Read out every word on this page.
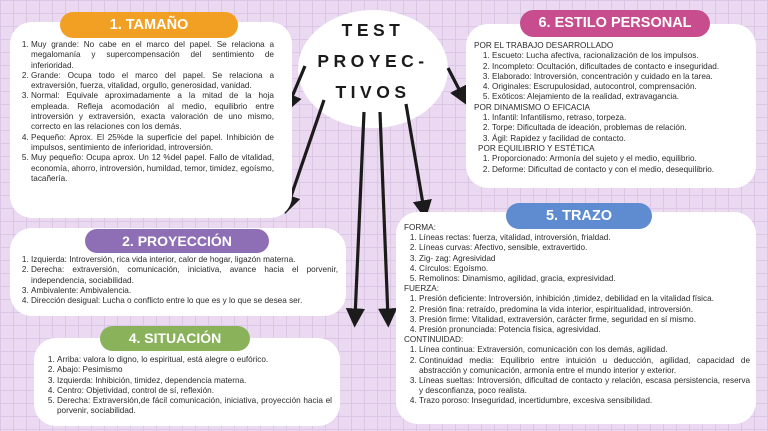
TEST
PROYEC-
TIVOS
1. TAMAÑO
1. Muy grande: No cabe en el marco del papel. Se relaciona a megalomanía y supercompensación del sentimiento de inferioridad.
2. Grande: Ocupa todo el marco del papel. Se relaciona a extraversión, fuerza, vitalidad, orgullo, generosidad, vanidad.
3. Normal: Equivale aproximadamente a la mitad de la hoja empleada. Refleja acomodación al medio, equilibrio entre introversión y extraversión, exacta valoración de uno mismo, correcto en las relaciones con los demás.
4. Pequeño: Aprox. El 25%de la superficie del papel. Inhibición de impulsos, sentimiento de inferioridad, introversión.
5. Muy pequeño: Ocupa aprox. Un 12 %del papel. Fallo de vitalidad, economía, ahorro, introversión, humildad, temor, timidez, egoísmo, tacañería.
2. PROYECCIÓN
1. Izquierda: Introversión, rica vida interior, calor de hogar, ligazón materna.
2. Derecha: extraversión, comunicación, iniciativa, avance hacia el porvenir, independencia, sociabilidad.
3. Ambivalente: Ambivalencia.
4. Dirección desigual: Lucha o conflicto entre lo que es y lo que se desea ser.
4. SITUACIÓN
1. Arriba: valora lo digno, lo espiritual, está alegre o eufórico.
2. Abajo: Pesimismo
3. Izquierda: Inhibición, timidez, dependencia materna.
4. Centro: Objetividad, control de sí, reflexión.
5. Derecha: Extraversión,de fácil comunicación, iniciativa, proyección hacia el porvenir, sociabilidad.
6. ESTILO PERSONAL
POR EL TRABAJO DESARROLLADO
1. Escueto: Lucha afectiva, racionalización de los impulsos.
2. Incompleto: Ocultación, dificultades de contacto e inseguridad.
3. Elaborado: Introversión, concentración y cuidado en la tarea.
4. Originales: Escrupulosidad, autocontrol, comprensación.
5. Exóticos: Alejamiento de la realidad, extravagancia.
POR DINAMISMO O EFICACIA
1. Infantil: Infantilismo, retraso, torpeza.
2. Torpe: Dificultada de ideación, problemas de relación.
3. Ágil: Rapidez y facilidad de contacto.
POR EQUILIBRIO Y ESTÉTICA
1. Proporcionado: Armonía del sujeto y el medio, equilibrio.
2. Deforme: Dificultad de contacto y con el medio, desequilibrio.
5. TRAZO
FORMA:
1. Líneas rectas: fuerza, vitalidad, introversión, frialdad.
2. Líneas curvas: Afectivo, sensible, extravertido.
3. Zig- zag: Agresividad
4. Círculos: Egoísmo.
5. Remolinos: Dinamismo, agilidad, gracia, expresividad.
FUERZA:
1. Presión deficiente: Introversión, inhibición ,timidez, debilidad en la vitalidad física.
2. Presión fina: retraído, predomina la vida interior, espiritualidad, introversión.
3. Presión firme: Vitalidad, extraversión, carácter firme, seguridad en sí mismo.
4. Presión pronunciada: Potencia física, agresividad.
CONTINUIDAD:
1. Línea continua: Extraversión, comunicación con los demás, agilidad.
2. Continuidad media: Equilibrio entre intuición u deducción, agilidad, capacidad de abstracción y comunicación, armonía entre el mundo interior y exterior.
3. Líneas sueltas: Introversión, dificultad de contacto y relación, escasa persistencia, reserva y desconfianza, poco realista.
4. Trazo poroso: Inseguridad, incertidumbre, excesiva sensibilidad.
